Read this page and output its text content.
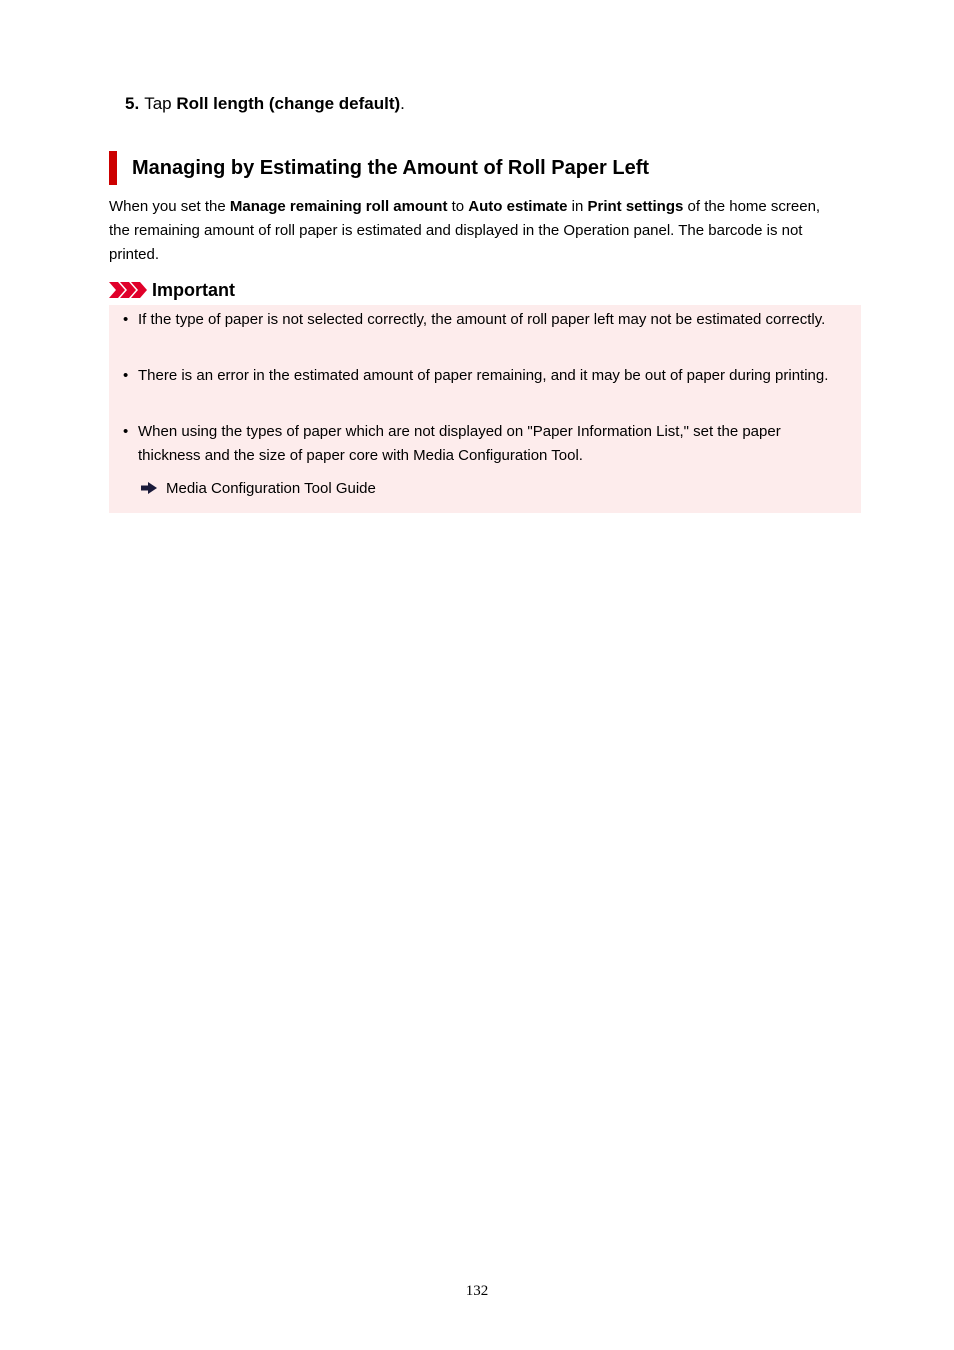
5. Tap Roll length (change default).
Managing by Estimating the Amount of Roll Paper Left

When you set the Manage remaining roll amount to Auto estimate in Print settings of the home screen, the remaining amount of roll paper is estimated and displayed in the Operation panel. The barcode is not printed.

Important
• If the type of paper is not selected correctly, the amount of roll paper left may not be estimated correctly.
• There is an error in the estimated amount of paper remaining, and it may be out of paper during printing.
• When using the types of paper which are not displayed on "Paper Information List," set the paper thickness and the size of paper core with Media Configuration Tool.
Media Configuration Tool Guide
132
